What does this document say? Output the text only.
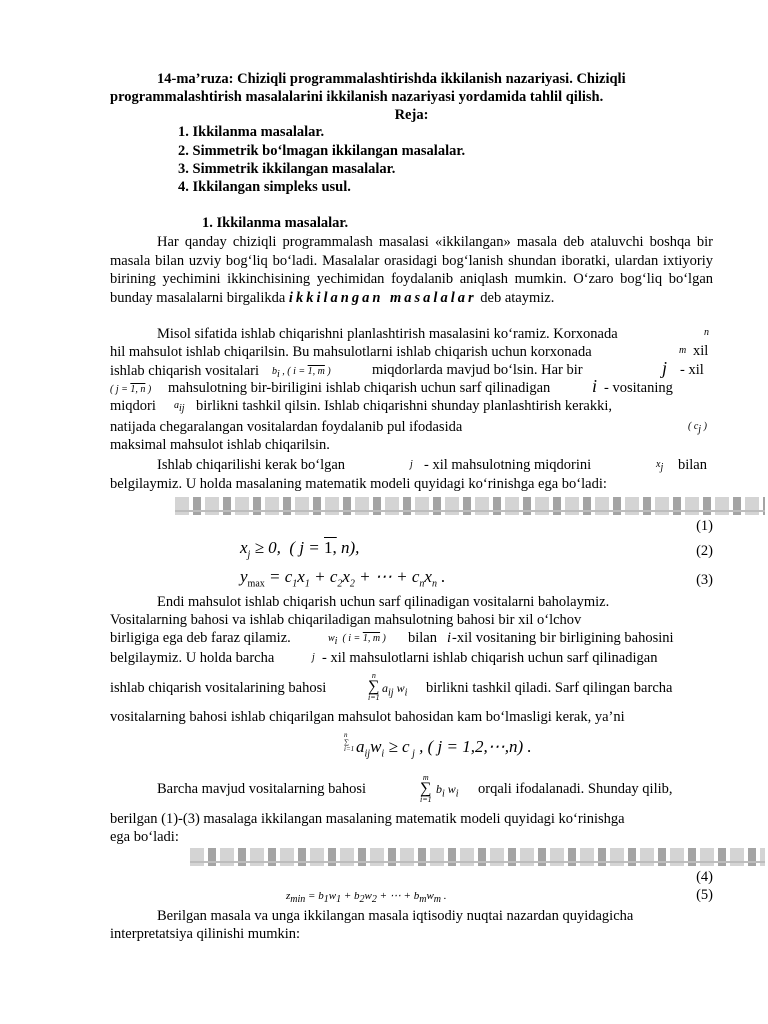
14-ma’ruza: Chiziqli programmalashtirishda ikkilanish nazariyasi. Chiziqli
programmalashtirish masalalarini ikkilanish nazariyasi yordamida tahlil qilish.
Reja:
1. Ikkilanma masalalar.
2. Simmetrik bo‘lmagan ikkilangan masalalar.
3. Simmetrik ikkilangan masalalar.
4. Ikkilangan simpleks usul.
1. Ikkilanma masalalar.
Har qanday chiziqli programmalash masalasi «ikkilangan» masala deb ataluvchi boshqa bir masala bilan uzviy bog‘liq bo‘ladi. Masalalar orasidagi bog‘lanish shundan iboratki, ulardan ixtiyoriy birining yechimini ikkinchisining yechimidan foydalanib aniqlash mumkin. O‘zaro bog‘liq bo‘lgan bunday masalalarni birgalikda ikkilangan masalalar deb ataymiz.
Misol sifatida ishlab chiqarishni planlashtirish masalasini ko‘ramiz. Korxonada	n
hil mahsulot ishlab chiqarilsin. Bu mahsulotlarni ishlab chiqarish uchun korxonada	m xil
ishlab chiqarish vositalari	$b_i$ , ( i = 1, m )	miqdorlarda mavjud bo‘lsin. Har bir	j - xil
( j = 1, n ) mahsulotning bir-biriligini ishlab chiqarish uchun sarf qilinadigan i - vositaning
miqdori $a_{ij}$ birlikni tashkil qilsin. Ishlab chiqarishni shunday planlashtirish kerakki,
natijada chegaralangan vositalardan foydalanib pul ifodasida	( $c_j$ )
maksimal mahsulot ishlab chiqarilsin.
Ishlab chiqarilishi kerak bo‘lgan	j - xil mahsulotning miqdorini	$x_j$ bilan
belgilaymiz. U holda masalaning matematik modeli quyidagi ko‘rinishga ega bo‘ladi:
(1)
$x_j \ge 0$,  ( j = 1, n),	(2)
$y_{max} = c_1x_1 + c_2x_2$ + ⋯ + $c_nx_n$ .	(3)
Endi mahsulot ishlab chiqarish uchun sarf qilinadigan vositalarni baholaymiz.
Vositalarning bahosi va ishlab chiqariladigan mahsulotning bahosi bir xil o‘lchov
birligiga ega deb faraz qilamiz.	$w_i$  ( i = 1, m ) bilan i -xil vositaning bir birligining bahosini
belgilaymiz. U holda barcha	j - xil mahsulotlarni ishlab chiqarish uchun sarf qilinadigan
ishlab chiqarish vositalarining bahosi
n
∑
i=1
$a_{ij}$ $w_i$ birlikni tashkil qiladi. Sarf qilingan barcha
vositalarning bahosi ishlab chiqarilgan mahsulot bahosidan kam bo‘lmasligi kerak, ya’ni
n
∑
i=1 $a_{ij}w_i \ge c$ $_j$ , ( j = 1,2,⋯,n) .
Barcha mavjud vositalarning bahosi
m
∑
i=1
$b_i$ $w_i$ orqali ifodalanadi. Shunday qilib,
berilgan (1)-(3) masalaga ikkilangan masalaning matematik modeli quyidagi ko‘rinishga
ega bo‘ladi:
(4)
$z_{min} = b_1w_1 + b_2w_2$ + ⋯ + $b_mw_m$ .	(5)
Berilgan masala va unga ikkilangan masala iqtisodiy nuqtai nazardan quyidagicha
interpretatsiya qilinishi mumkin:
